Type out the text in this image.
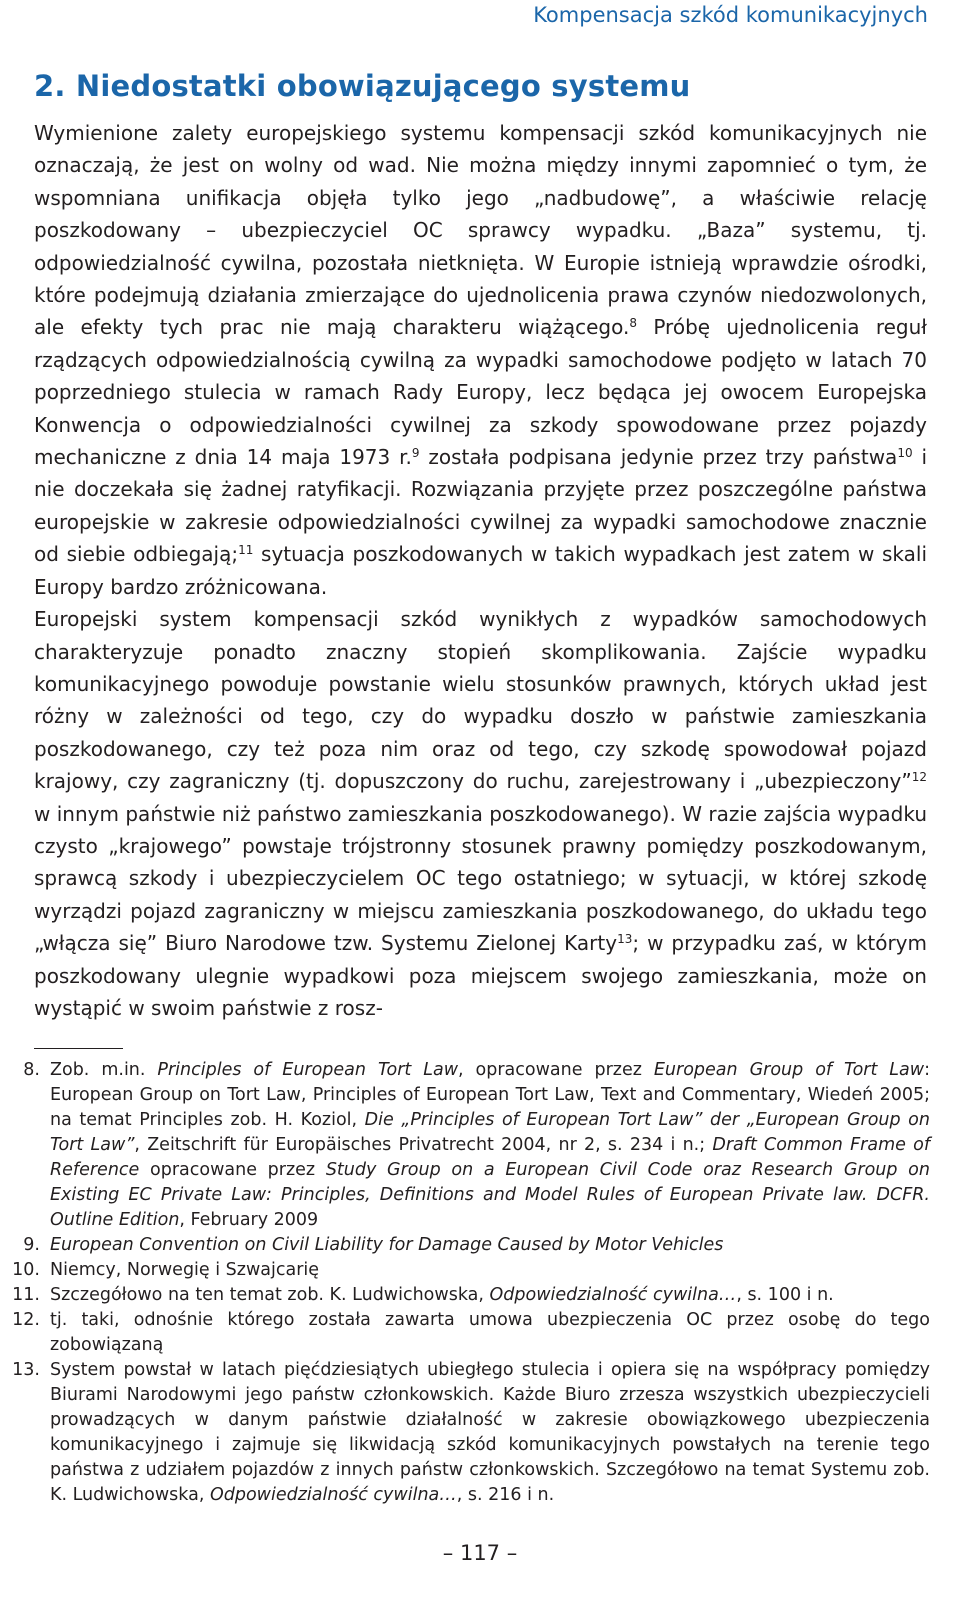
Kompensacja szkód komunikacyjnych
2. Niedostatki obowiązującego systemu

Wymienione zalety europejskiego systemu kompensacji szkód komunikacyjnych nie oznaczają, że jest on wolny od wad. Nie można między innymi zapomnieć o tym, że wspomniana unifikacja objęła tylko jego „nadbudowę”, a właściwie relację poszkodowany – ubezpieczyciel OC sprawcy wypadku. „Baza” systemu, tj. odpowiedzialność cywilna, pozostała nietknięta. W Europie istnieją wprawdzie ośrodki, które podejmują działania zmierzające do ujednolicenia prawa czynów niedozwolonych, ale efekty tych prac nie mają charakteru wiążącego.$^8$ Próbę ujednolicenia reguł rządzących odpowiedzialnością cywilną za wypadki samochodowe podjęto w latach 70 poprzedniego stulecia w ramach Rady Europy, lecz będąca jej owocem Europejska Konwencja o odpowiedzialności cywilnej za szkody spowodowane przez pojazdy mechaniczne z dnia 14 maja 1973 r.$^9$ została podpisana jedynie przez trzy państwa$^{10}$ i nie doczekała się żadnej ratyfikacji. Rozwiązania przyjęte przez poszczególne państwa europejskie w zakresie odpowiedzialności cywilnej za wypadki samochodowe znacznie od siebie odbiegają;$^{11}$ sytuacja poszkodowanych w takich wypadkach jest zatem w skali Europy bardzo zróżnicowana.

Europejski system kompensacji szkód wynikłych z wypadków samochodowych charakteryzuje ponadto znaczny stopień skomplikowania. Zajście wypadku komunikacyjnego powoduje powstanie wielu stosunków prawnych, których układ jest różny w zależności od tego, czy do wypadku doszło w państwie zamieszkania poszkodowanego, czy też poza nim oraz od tego, czy szkodę spowodował pojazd krajowy, czy zagraniczny (tj. dopuszczony do ruchu, zarejestrowany i „ubezpieczony”$^{12}$ w innym państwie niż państwo zamieszkania poszkodowanego). W razie zajścia wypadku czysto „krajowego” powstaje trójstronny stosunek prawny pomiędzy poszkodowanym, sprawcą szkody i ubezpieczycielem OC tego ostatniego; w sytuacji, w której szkodę wyrządzi pojazd zagraniczny w miejscu zamieszkania poszkodowanego, do układu tego „włącza się” Biuro Narodowe tzw. Systemu Zielonej Karty$^{13}$; w przypadku zaś, w którym poszkodowany ulegnie wypadkowi poza miejscem swojego zamieszkania, może on wystąpić w swoim państwie z rosz-

8. Zob. m.in. Principles of European Tort Law, opracowane przez European Group of Tort Law: European Group on Tort Law, Principles of European Tort Law, Text and Commentary, Wiedeń 2005; na temat Principles zob. H. Koziol, Die „Principles of European Tort Law” der „European Group on Tort Law”, Zeitschrift für Europäisches Privatrecht 2004, nr 2, s. 234 i n.; Draft Common Frame of Reference opracowane przez Study Group on a European Civil Code oraz Research Group on Existing EC Private Law: Principles, Definitions and Model Rules of European Private law. DCFR. Outline Edition, February 2009
9. European Convention on Civil Liability for Damage Caused by Motor Vehicles
10. Niemcy, Norwegię i Szwajcarię
11. Szczegółowo na ten temat zob. K. Ludwichowska, Odpowiedzialność cywilna…, s. 100 i n.
12. tj. taki, odnośnie którego została zawarta umowa ubezpieczenia OC przez osobę do tego zobowiązaną
13. System powstał w latach pięćdziesiątych ubiegłego stulecia i opiera się na współpracy pomiędzy Biurami Narodowymi jego państw członkowskich. Każde Biuro zrzesza wszystkich ubezpieczycieli prowadzących w danym państwie działalność w zakresie obowiązkowego ubezpieczenia komunikacyjnego i zajmuje się likwidacją szkód komunikacyjnych powstałych na terenie tego państwa z udziałem pojazdów z innych państw członkowskich. Szczegółowo na temat Systemu zob. K. Ludwichowska, Odpowiedzialność cywilna…, s. 216 i n.
– 117 –
